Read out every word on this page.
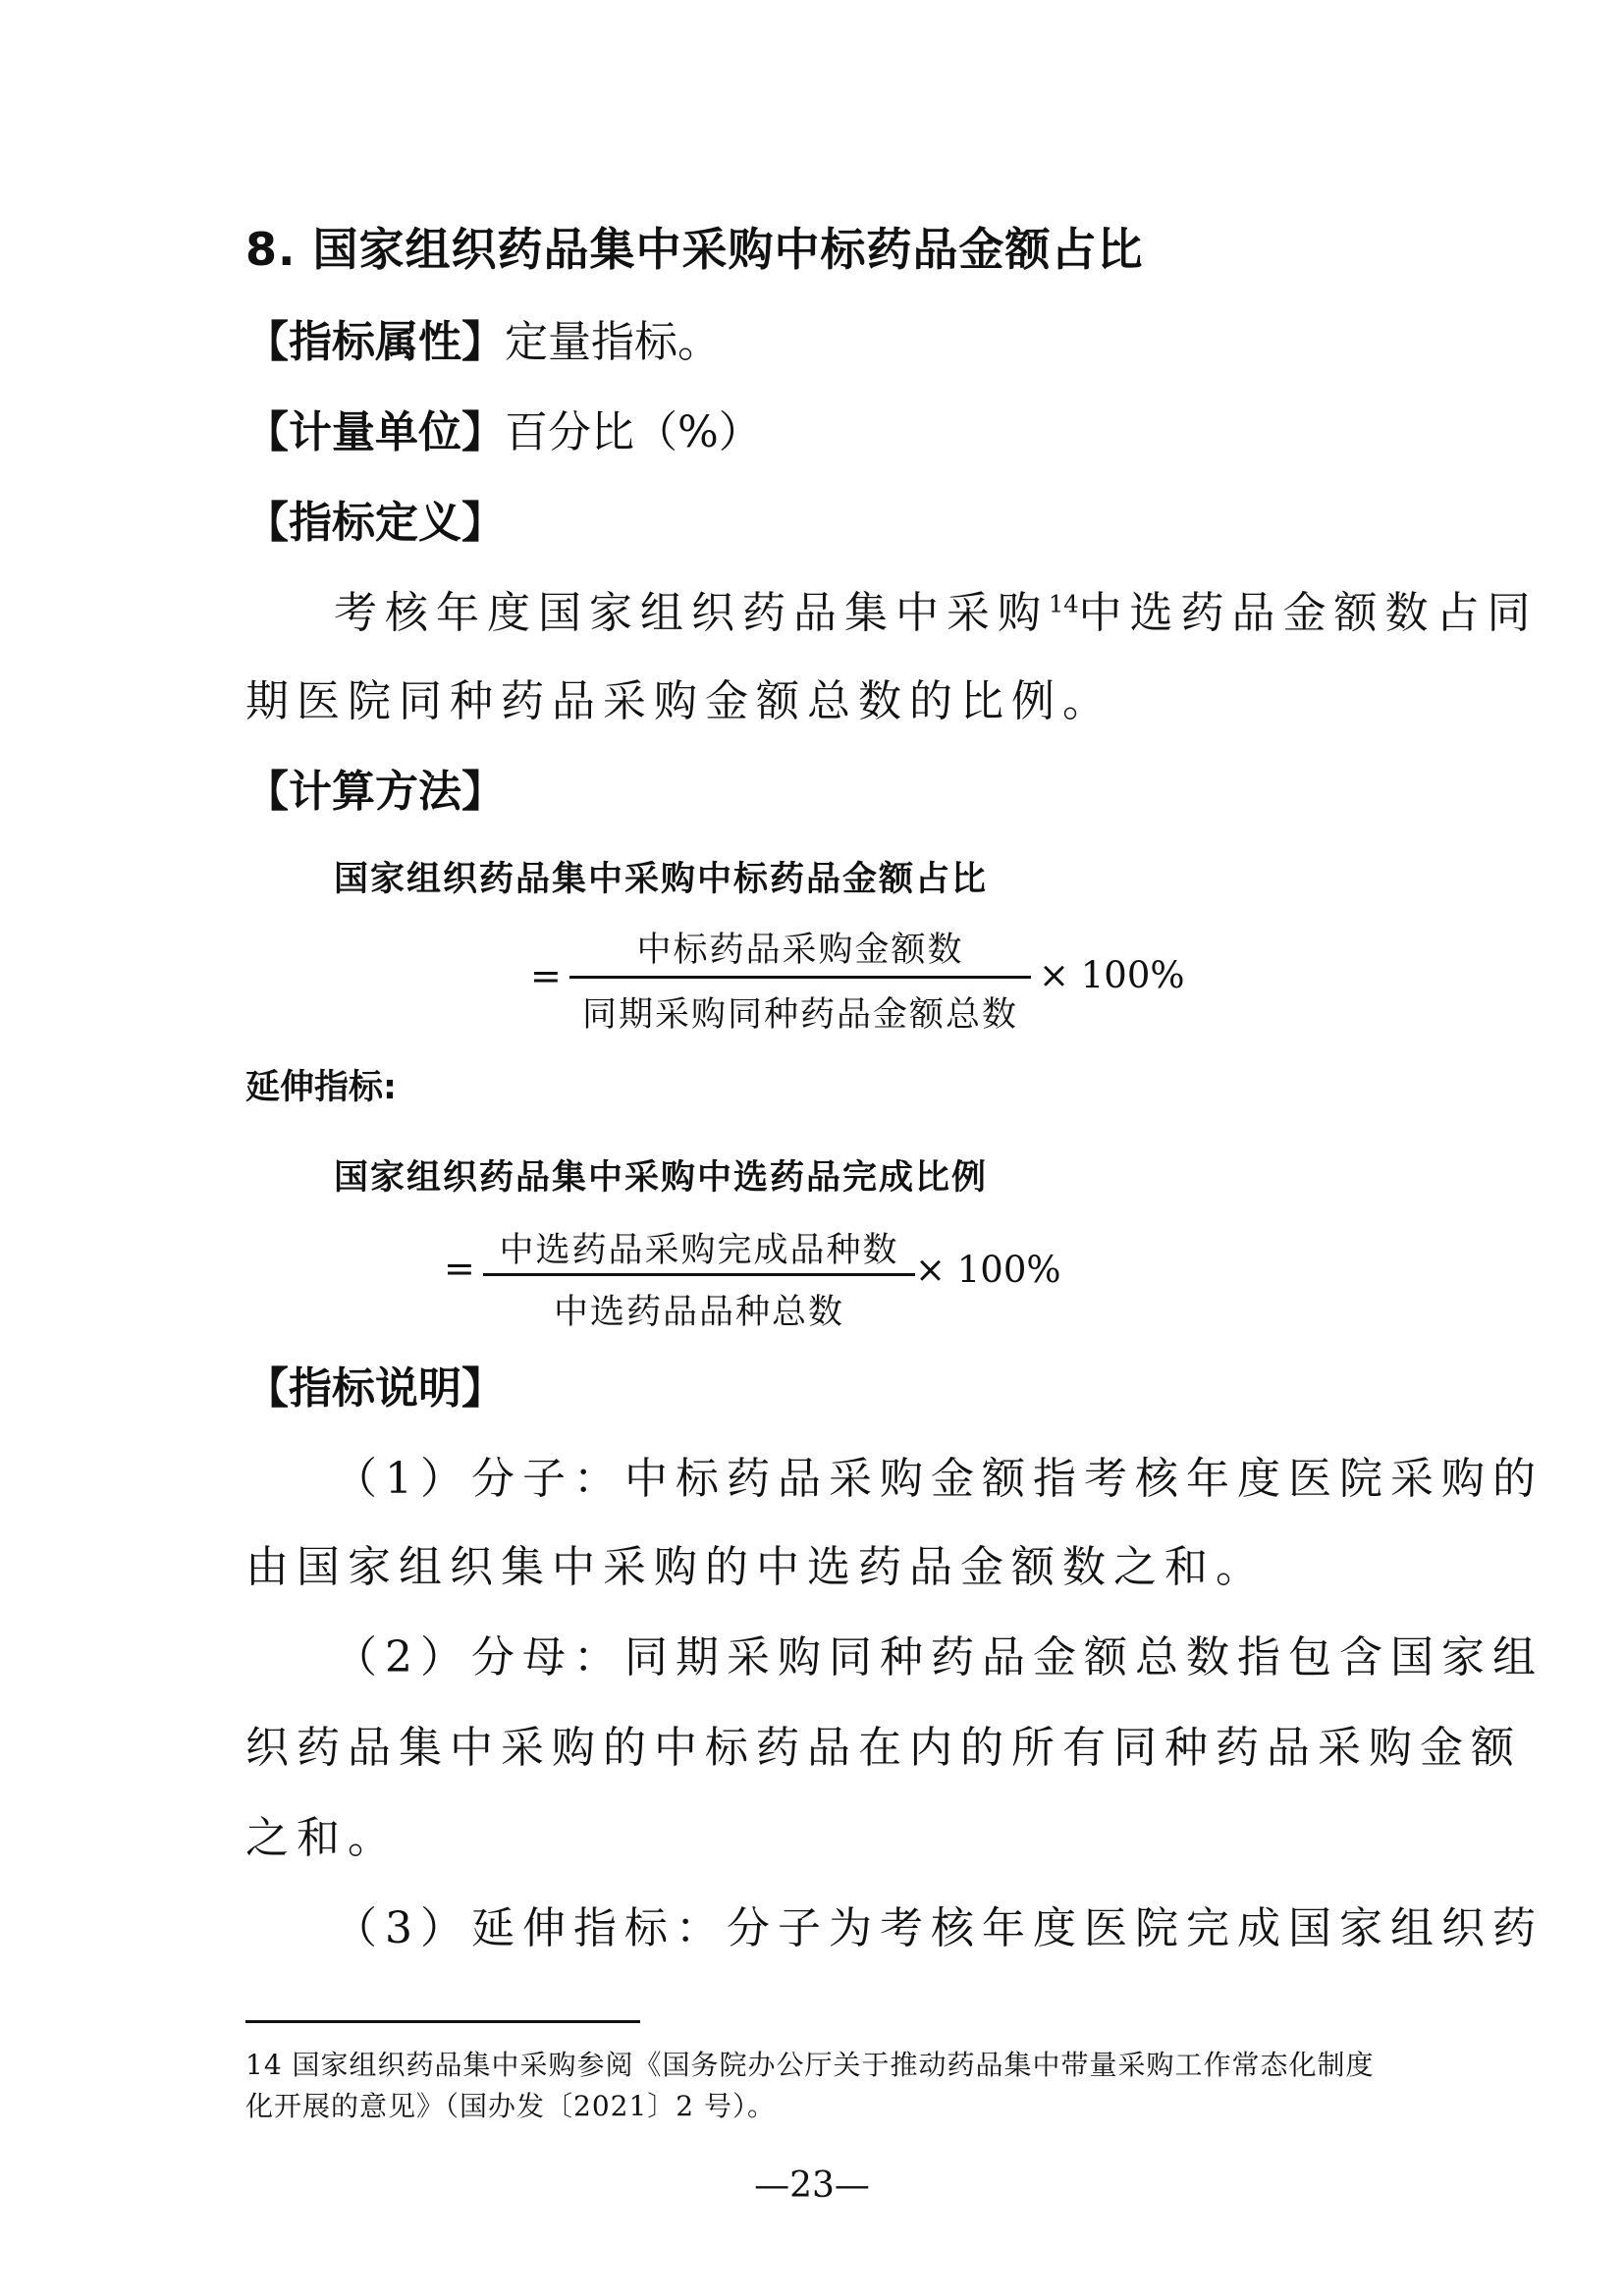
8. 国家组织药品集中采购中标药品金额占比
【指标属性】定量指标。
【计量单位】百分比（%）
【指标定义】
考核年度国家组织药品集中采购$^{14}$中选药品金额数占同
期医院同种药品采购金额总数的比例。
【计算方法】
国家组织药品集中采购中标药品金额占比
=
中标药品采购金额数
同期采购同种药品金额总数
× 100%
延伸指标:
国家组织药品集中采购中选药品完成比例
= 中选药品采购完成品种数
中选药品品种总数
× 100%
【指标说明】
（1）分子：中标药品采购金额指考核年度医院采购的
由国家组织集中采购的中选药品金额数之和。
（2）分母：同期采购同种药品金额总数指包含国家组
织药品集中采购的中标药品在内的所有同种药品采购金额
之和。
（3）延伸指标：分子为考核年度医院完成国家组织药
14 国家组织药品集中采购参阅《国务院办公厅关于推动药品集中带量采购工作常态化制度
化开展的意见》（国办发〔2021〕2 号）。
—23—
